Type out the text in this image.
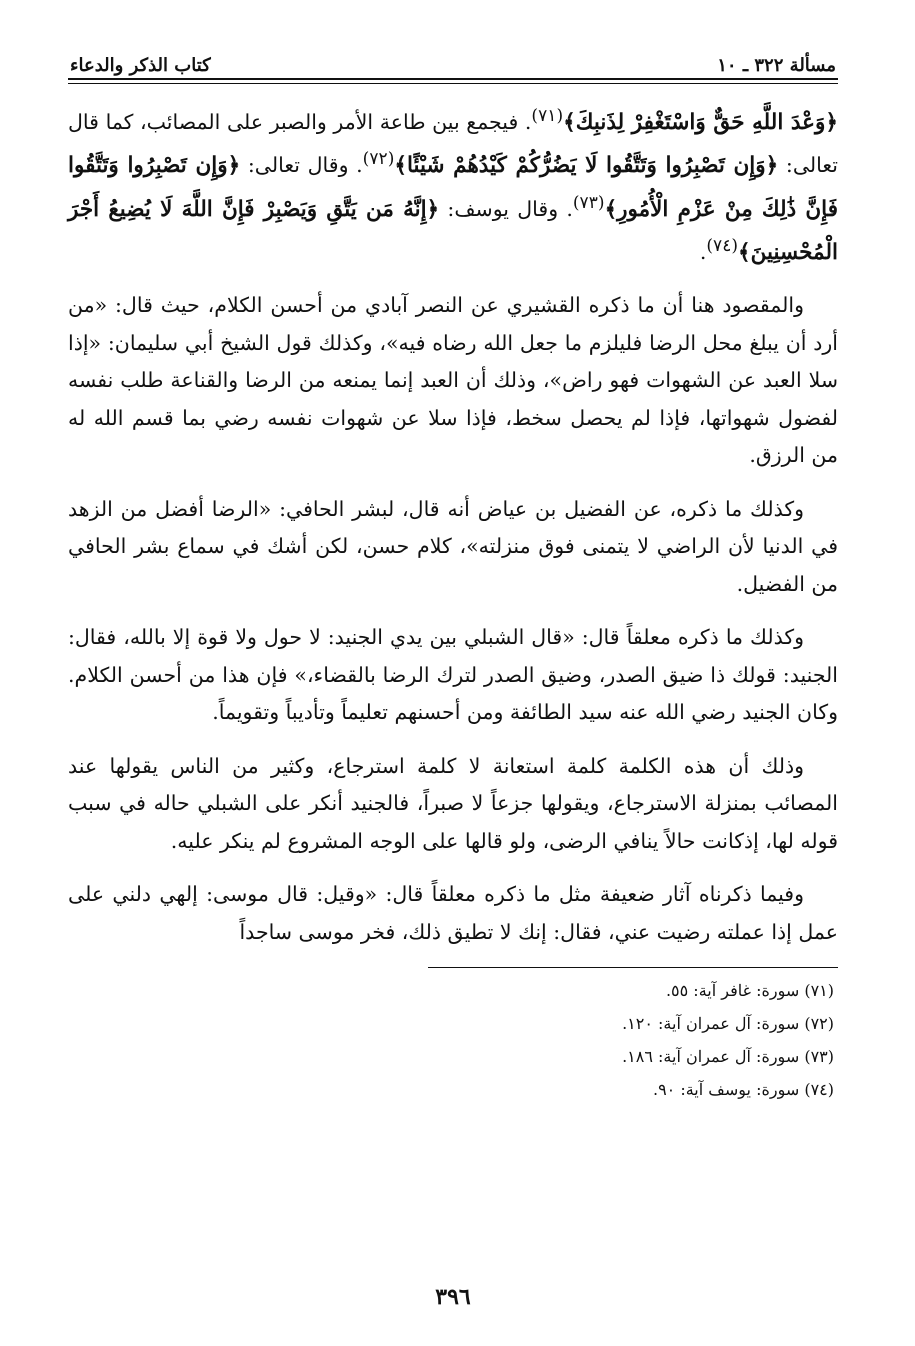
مسألة ٣٢٢ ـ ١٠
كتاب الذكر والدعاء

﴿وَعْدَ اللَّهِ حَقٌّ وَاسْتَغْفِرْ لِذَنبِكَ﴾$^{(٧١)}$. فيجمع بين طاعة الأمر والصبر على المصائب، كما قال تعالى: ﴿وَإِن تَصْبِرُوا وَتَتَّقُوا لَا يَضُرُّكُمْ كَيْدُهُمْ شَيْئًا﴾$^{(٧٢)}$. وقال تعالى: ﴿وَإِن تَصْبِرُوا وَتَتَّقُوا فَإِنَّ ذَٰلِكَ مِنْ عَزْمِ الْأُمُورِ﴾$^{(٧٣)}$. وقال يوسف: ﴿إِنَّهُ مَن يَتَّقِ وَيَصْبِرْ فَإِنَّ اللَّهَ لَا يُضِيعُ أَجْرَ الْمُحْسِنِينَ﴾$^{(٧٤)}$.

والمقصود هنا أن ما ذكره القشيري عن النصر آبادي من أحسن الكلام، حيث قال: «من أرد أن يبلغ محل الرضا فليلزم ما جعل الله رضاه فيه»، وكذلك قول الشيخ أبي سليمان: «إذا سلا العبد عن الشهوات فهو راض»، وذلك أن العبد إنما يمنعه من الرضا والقناعة طلب نفسه لفضول شهواتها، فإذا لم يحصل سخط، فإذا سلا عن شهوات نفسه رضي بما قسم الله له من الرزق.

وكذلك ما ذكره، عن الفضيل بن عياض أنه قال، لبشر الحافي: «الرضا أفضل من الزهد في الدنيا لأن الراضي لا يتمنى فوق منزلته»، كلام حسن، لكن أشك في سماع بشر الحافي من الفضيل.

وكذلك ما ذكره معلقاً قال: «قال الشبلي بين يدي الجنيد: لا حول ولا قوة إلا بالله، فقال: الجنيد: قولك ذا ضيق الصدر، وضيق الصدر لترك الرضا بالقضاء،» فإن هذا من أحسن الكلام. وكان الجنيد رضي الله عنه سيد الطائفة ومن أحسنهم تعليماً وتأديباً وتقويماً.

وذلك أن هذه الكلمة كلمة استعانة لا كلمة استرجاع، وكثير من الناس يقولها عند المصائب بمنزلة الاسترجاع، ويقولها جزعاً لا صبراً، فالجنيد أنكر على الشبلي حاله في سبب قوله لها، إذكانت حالاً ينافي الرضى، ولو قالها على الوجه المشروع لم ينكر عليه.

وفيما ذكرناه آثار ضعيفة مثل ما ذكره معلقاً قال: «وقيل: قال موسى: إلهي دلني على عمل إذا عملته رضيت عني، فقال: إنك لا تطيق ذلك، فخر موسى ساجداً

(٧١) سورة: غافر آية: ٥٥.
(٧٢) سورة: آل عمران آية: ١٢٠.
(٧٣) سورة: آل عمران آية: ١٨٦.
(٧٤) سورة: يوسف آية: ٩٠.
٣٩٦
